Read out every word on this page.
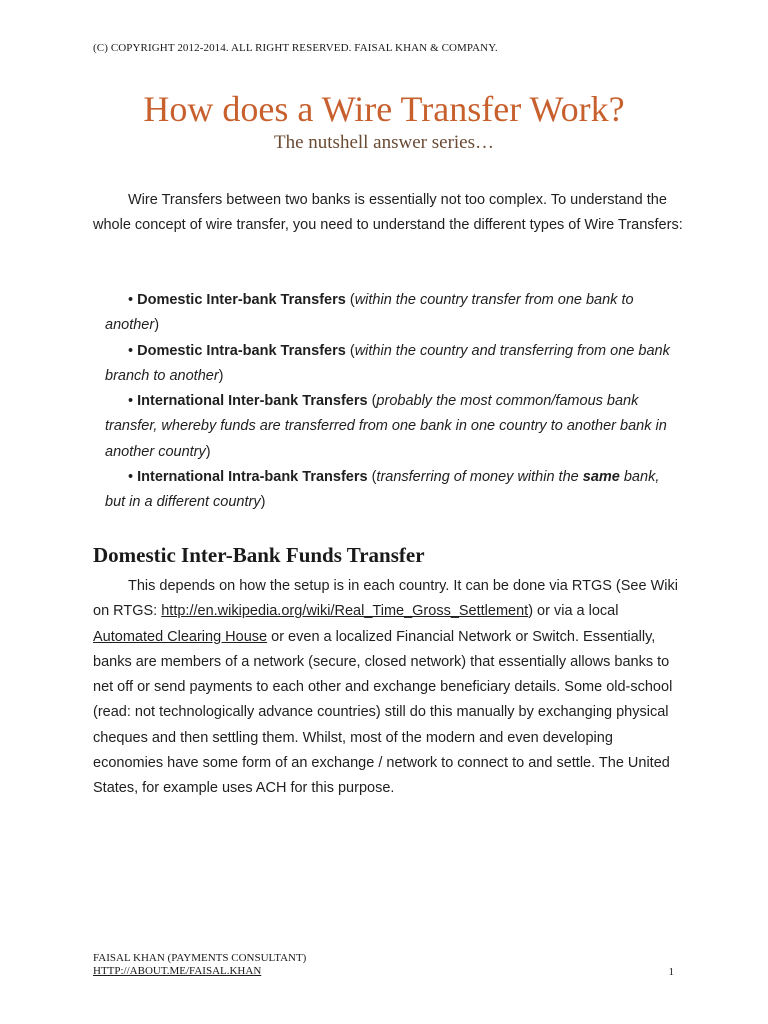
(C) COPYRIGHT 2012-2014. ALL RIGHT RESERVED. FAISAL KHAN & COMPANY.
How does a Wire Transfer Work?
The nutshell answer series…

Wire Transfers between two banks is essentially not too complex. To understand the whole concept of wire transfer, you need to understand the different types of Wire Transfers:

• Domestic Inter-bank Transfers (within the country transfer from one bank to another)
• Domestic Intra-bank Transfers (within the country and transferring from one bank branch to another)
• International Inter-bank Transfers (probably the most common/famous bank transfer, whereby funds are transferred from one bank in one country to another bank in another country)
• International Intra-bank Transfers (transferring of money within the same bank, but in a different country)
Domestic Inter-Bank Funds Transfer

This depends on how the setup is in each country. It can be done via RTGS (See Wiki on RTGS: http://en.wikipedia.org/wiki/Real_Time_Gross_Settlement) or via a local Automated Clearing House or even a localized Financial Network or Switch. Essentially, banks are members of a network (secure, closed network) that essentially allows banks to net off or send payments to each other and exchange beneficiary details. Some old-school (read: not technologically advance countries) still do this manually by exchanging physical cheques and then settling them. Whilst, most of the modern and even developing economies have some form of an exchange / network to connect to and settle. The United States, for example uses ACH for this purpose.

FAISAL KHAN (PAYMENTS CONSULTANT)
HTTP://ABOUT.ME/FAISAL.KHAN	1
